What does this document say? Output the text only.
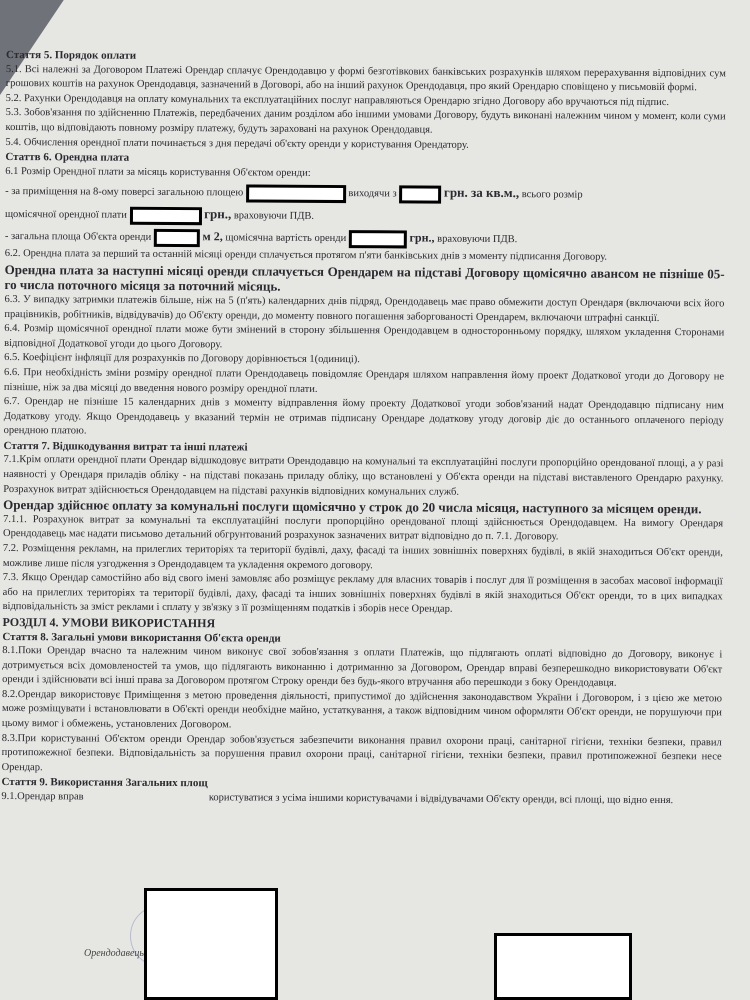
Стаття 5. Порядок оплати

5.1. Всі належні за Договором Платежі Орендар сплачує Орендодавцю у формі безготівкових банківських розрахунків шляхом перерахування відповідних сум грошових коштів на рахунок Орендодавця, зазначений в Договорі, або на інший рахунок Орендодавця, про який Орендарю сповіщено у письмовій формі.

5.2. Рахунки Орендодавця на оплату комунальних та експлуатаційних послуг направляються Орендарю згідно Договору або вручаються під підпис.

5.3. Зобов'язання по здійсненню Платежів, передбачених даним розділом або іншими умовами Договору, будуть виконані належним чином у момент, коли суми коштів, що відповідають повному розміру платежу, будуть зараховані на рахунок Орендодавця.

5.4. Обчислення орендної плати починається з дня передачі об'єкту оренди у користування Орендатору.

Статтв 6. Орендна плата

6.1 Розмір Орендної плати за місяць користування Об'єктом оренди:

- за приміщення на 8-ому поверсі загальною площею	виходячи з	грн. за кв.м., всього розмір

щомісячної орендної плати	грн., враховуючи ПДВ.

- загальна площа Об'єкта оренди	м 2, щомісячна вартість оренди	грн., враховуючи ПДВ.

6.2. Орендна плата за перший та останній місяці оренди сплачується протягом п'яти банківських днів з моменту підписання Договору.

Орендна плата за наступні місяці оренди сплачується Орендарем на підставі Договору щомісячно авансом не пізніше 05-го числа поточного місяця за поточний місяць.

6.3. У випадку затримки платежів більше, ніж на 5 (п'ять) календарних днів підряд, Орендодавець має право обмежити доступ Орендаря (включаючи всіх його працівників, робітників, відвідувачів) до Об'єкту оренди, до моменту повного погашення заборгованості Орендарем, включаючи штрафні санкції.

6.4. Розмір щомісячної орендної плати може бути змінений в сторону збільшення Орендодавцем в односторонньому порядку, шляхом укладення Сторонами відповідної Додаткової угоди до цього Договору.

6.5. Коефіцієнт інфляції для розрахунків по Договору дорівнюється 1(одиниці).

6.6. При необхідність зміни розміру орендної плати Орендодавець повідомляє Орендаря шляхом направлення йому проект Додаткової угоди до Договору не пізніше, ніж за два місяці до введення нового розміру орендної плати.

6.7. Орендар не пізніше 15 календарних днів з моменту відправлення йому проекту Додаткової угоди зобов'язаний надат Орендодавцю підписану ним Додаткову угоду. Якщо Орендодавець у вказаний термін не отримав підписану Орендаре додаткову угоду договір діє до останнього оплаченого періоду орендною платою.

Стаття 7. Відшкодування витрат та інші платежі

7.1.Крім оплати орендної плати Орендар відшкодовує витрати Орендодавцю на комунальні та експлуатаційні послуги пропорційно орендованої площі, а у разі наявності у Орендаря приладів обліку - на підставі показань приладу обліку, що встановлені у Об'єкта оренди на підставі виставленого Орендарю рахунку. Розрахунок витрат здійснюється Орендодавцем на підставі рахунків відповідних комунальних служб.

Орендар здійснює оплату за комунальні послуги щомісячно у строк до 20 числа місяця, наступного за місяцем оренди.

7.1.1. Розрахунок витрат за комунальні та експлуатаційні послуги пропорційно орендованої площі здійснюється Орендодавцем. На вимогу Орендаря Орендодавець має надати письмово детальний обгрунтований розрахунок зазначених витрат відповідно до п. 7.1. Договору.

7.2. Розміщення рекламн, на прилеглих територіях та території будівлі, даху, фасаді та інших зовнішніх поверхнях будівлі, в якій знаходиться Об'єкт оренди, можливе лише після узгодження з Орендодавцем та укладення окремого договору.

7.3. Якщо Орендар самостійно або від свого імені замовляє або розміщує рекламу для власних товарів і послуг для її розміщення в засобах масової інформації або на прилеглих територіях та території будівлі, даху, фасаді та інших зовнішніх поверхнях будівлі в якій знаходиться Об'єкт оренди, то в цих випадках відповідальність за зміст реклами і сплату у зв'язку з її розміщенням податків і зборів несе Орендар.

РОЗДІЛ 4. УМОВИ ВИКОРИСТАННЯ

Стаття 8. Загальні умови використання Об'єкта оренди

8.1.Поки Орендар вчасно та належним чином виконує свої зобов'язання з оплати Платежів, що підлягають оплаті відповідно до Договору, виконує і дотримується всіх домовленостей та умов, що підлягають виконанню і дотриманню за Договором, Орендар вправі безперешкодно використовувати Об'єкт оренди і здійснювати всі інші права за Договором протягом Строку оренди без будь-якого втручання або перешкоди з боку Орендодавця.

8.2.Орендар використовує Приміщення з метою проведення діяльності, припустимої до здійснення законодавством України і Договором, і з цією же метою може розміщувати і встановлювати в Об'єкті оренди необхідне майно, устаткування, а також відповідним чином оформляти Об'єкт оренди, не порушуючи при цьому вимог і обмежень, установлених Договором.

8.3.При користуванні Об'єктом оренди Орендар зобов'язується забезпечити виконання правил охорони праці, санітарної гігієни, техніки безпеки, правил протипожежної безпеки. Відповідальність за порушення правил охорони праці, санітарної гігієни, техніки безпеки, правил протипожежної безпеки несе Орендар.

Стаття 9. Використання Загальних площ

9.1.Орендар вправ	користуватися з усіма іншими користувачами і відвідувачами Об'єкту оренди, всі площі, що відно ення.

Орендодавець
